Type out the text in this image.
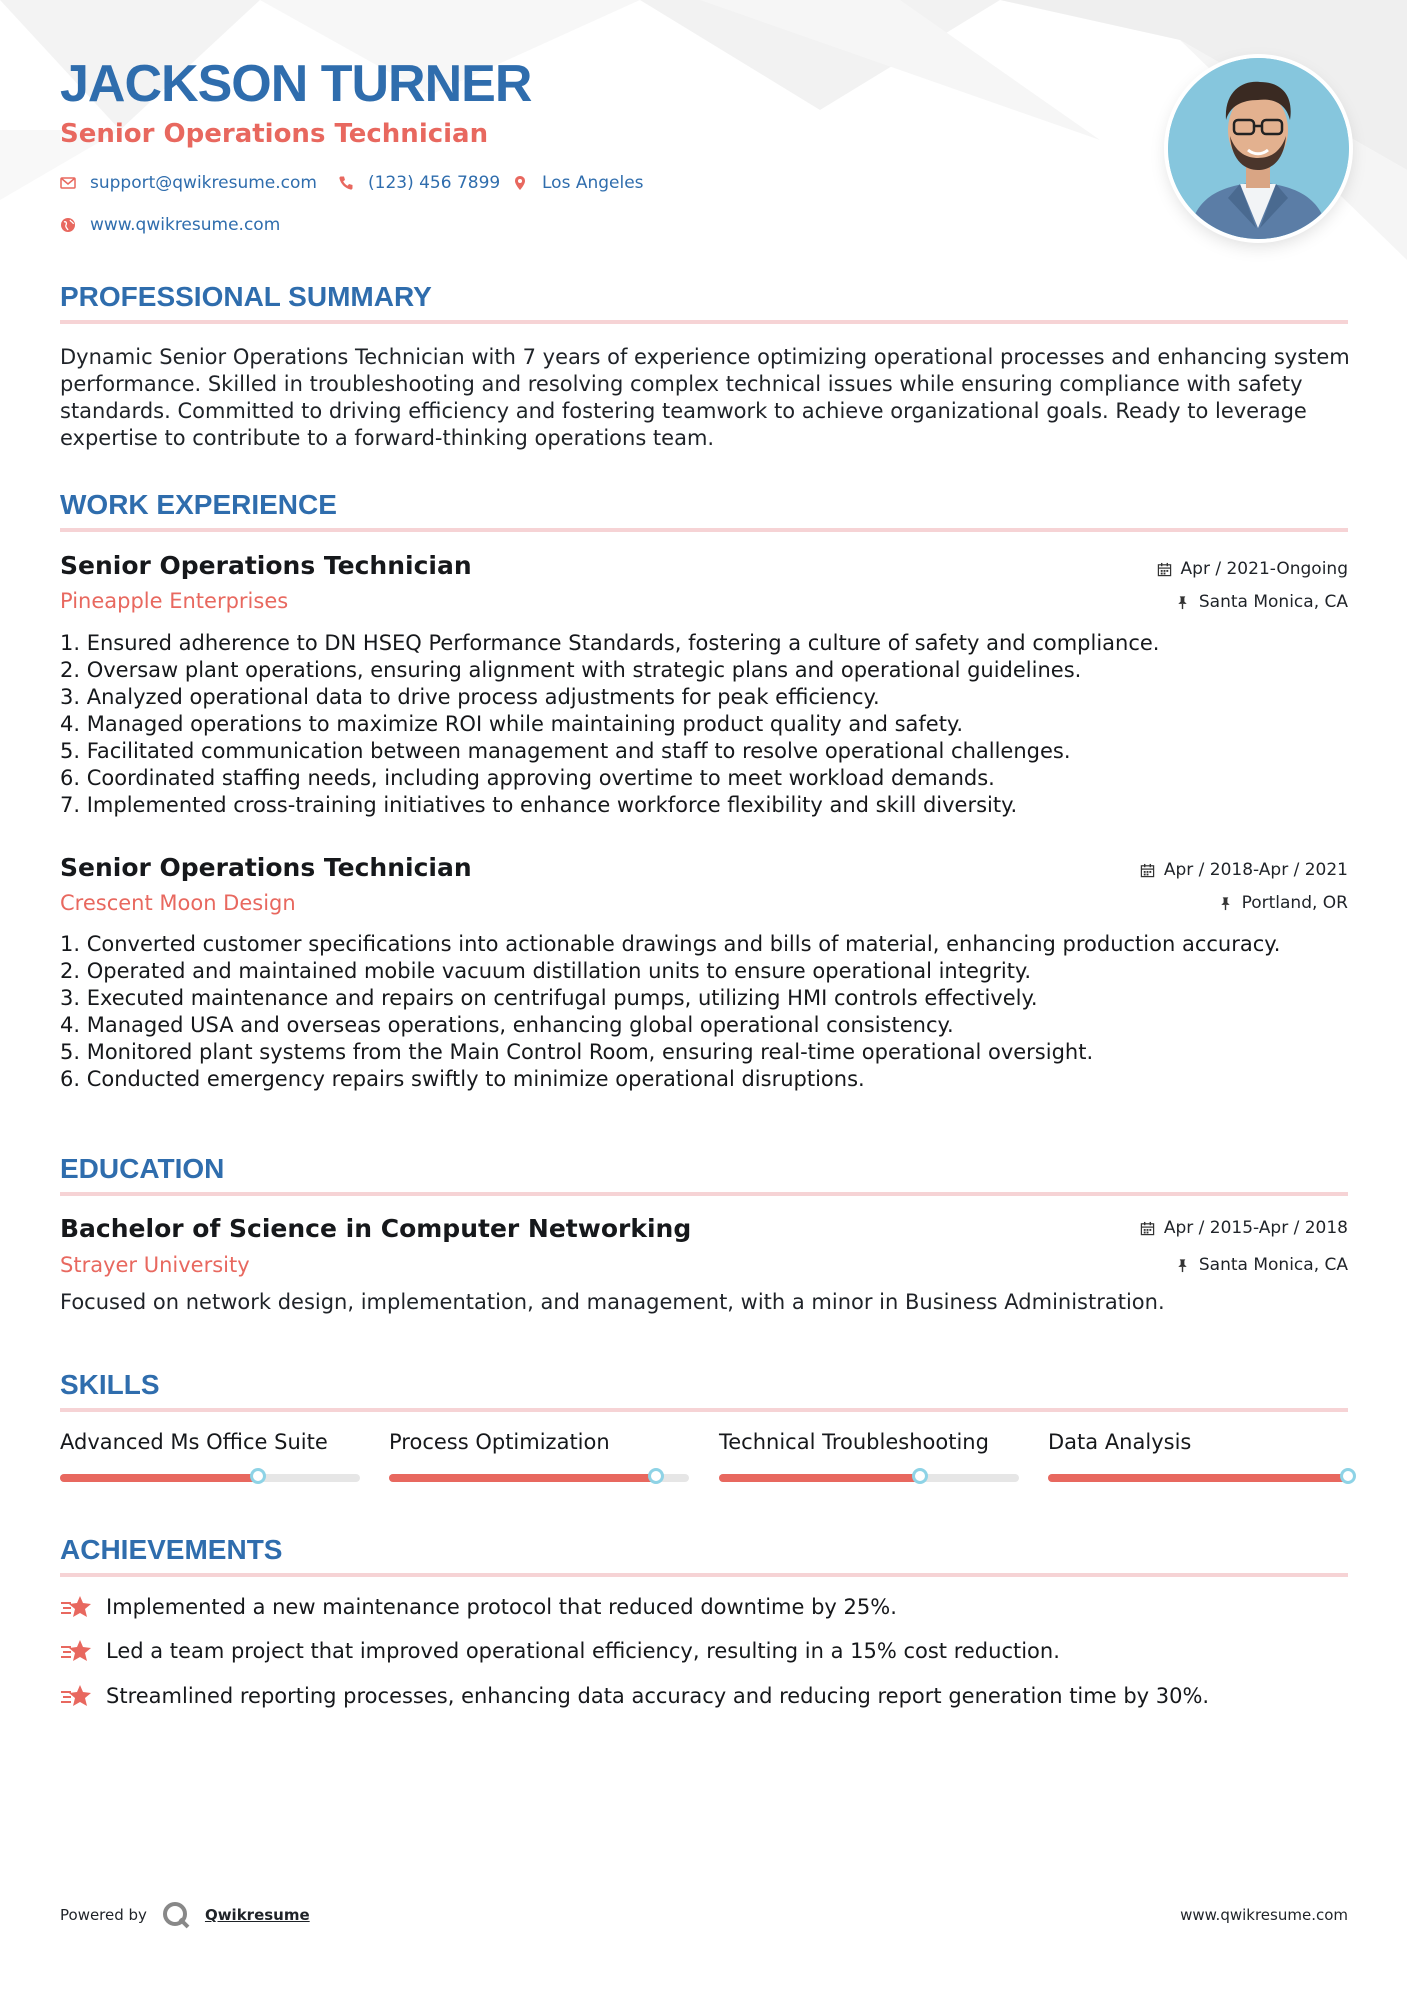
JACKSON TURNER
Senior Operations Technician
support@qwikresume.com	(123) 456 7899 Los Angeles
www.qwikresume.com
PROFESSIONAL SUMMARY

Dynamic Senior Operations Technician with 7 years of experience optimizing operational processes and enhancing system performance. Skilled in troubleshooting and resolving complex technical issues while ensuring compliance with safety standards. Committed to driving efficiency and fostering teamwork to achieve organizational goals. Ready to leverage expertise to contribute to a forward-thinking operations team.

WORK EXPERIENCE
Senior Operations Technician
Pineapple Enterprises
Apr / 2021-Ongoing
Santa Monica, CA
1. Ensured adherence to DN HSEQ Performance Standards, fostering a culture of safety and compliance.
2. Oversaw plant operations, ensuring alignment with strategic plans and operational guidelines.
3. Analyzed operational data to drive process adjustments for peak efficiency.
4. Managed operations to maximize ROI while maintaining product quality and safety.
5. Facilitated communication between management and staff to resolve operational challenges.
6. Coordinated staffing needs, including approving overtime to meet workload demands.
7. Implemented cross-training initiatives to enhance workforce flexibility and skill diversity.
Senior Operations Technician
Crescent Moon Design
Apr / 2018-Apr / 2021
Portland, OR
1. Converted customer specifications into actionable drawings and bills of material, enhancing production accuracy.
2. Operated and maintained mobile vacuum distillation units to ensure operational integrity.
3. Executed maintenance and repairs on centrifugal pumps, utilizing HMI controls effectively.
4. Managed USA and overseas operations, enhancing global operational consistency.
5. Monitored plant systems from the Main Control Room, ensuring real-time operational oversight.
6. Conducted emergency repairs swiftly to minimize operational disruptions.
EDUCATION
Bachelor of Science in Computer Networking
Strayer University
Apr / 2015-Apr / 2018
Santa Monica, CA

Focused on network design, implementation, and management, with a minor in Business Administration.

SKILLS
Advanced Ms Office Suite	Process Optimization	Technical Troubleshooting	Data Analysis
ACHIEVEMENTS
Implemented a new maintenance protocol that reduced downtime by 25%.
Led a team project that improved operational efficiency, resulting in a 15% cost reduction.
Streamlined reporting processes, enhancing data accuracy and reducing report generation time by 30%.
Powered by	Qwikresume	www.qwikresume.com
